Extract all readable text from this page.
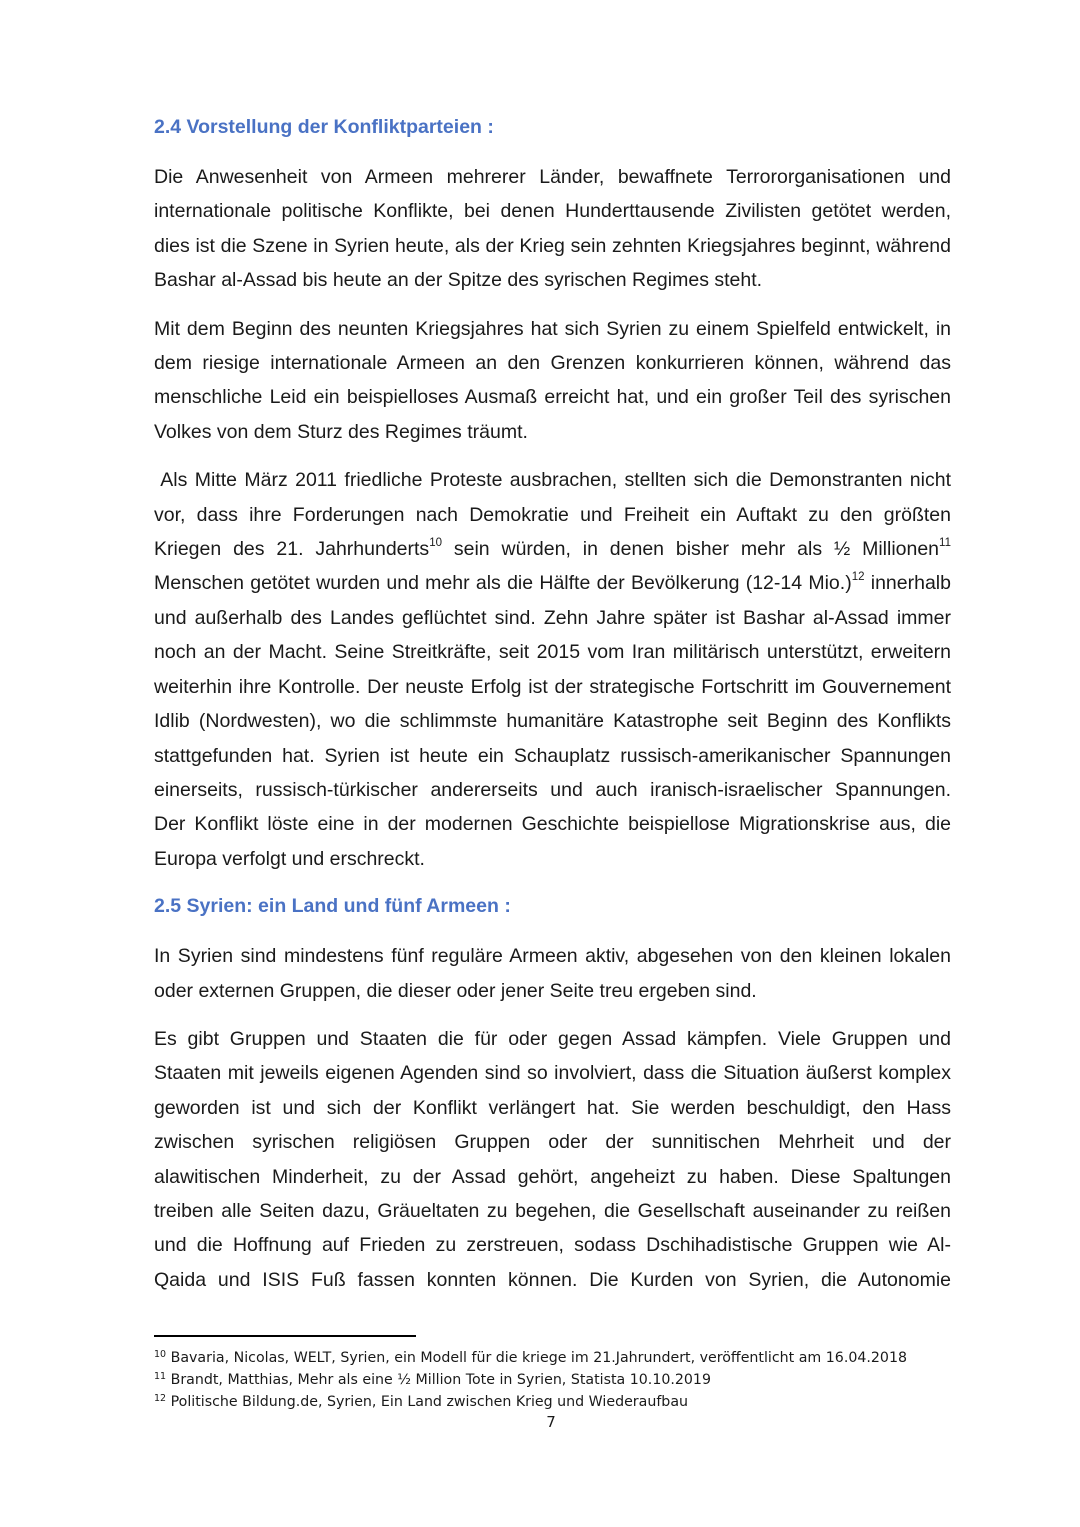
2.4 Vorstellung der Konfliktparteien :

Die Anwesenheit von Armeen mehrerer Länder, bewaffnete Terrororganisationen und
internationale politische Konflikte, bei denen Hunderttausende Zivilisten getötet werden,
dies ist die Szene in Syrien heute, als der Krieg sein zehnten Kriegsjahres beginnt, während
Bashar al-Assad bis heute an der Spitze des syrischen Regimes steht.

Mit dem Beginn des neunten Kriegsjahres hat sich Syrien zu einem Spielfeld entwickelt, in
dem riesige internationale Armeen an den Grenzen konkurrieren können, während das
menschliche Leid ein beispielloses Ausmaß erreicht hat, und ein großer Teil des syrischen
Volkes von dem Sturz des Regimes träumt.

Als Mitte März 2011 friedliche Proteste ausbrachen, stellten sich die Demonstranten nicht
vor, dass ihre Forderungen nach Demokratie und Freiheit ein Auftakt zu den größten
Kriegen des 21. Jahrhunderts$^{10}$ sein würden, in denen bisher mehr als ½ Millionen$^{11}$
Menschen getötet wurden und mehr als die Hälfte der Bevölkerung (12-14 Mio.)$^{12}$ innerhalb
und außerhalb des Landes geflüchtet sind. Zehn Jahre später ist Bashar al-Assad immer
noch an der Macht. Seine Streitkräfte, seit 2015 vom Iran militärisch unterstützt, erweitern
weiterhin ihre Kontrolle. Der neuste Erfolg ist der strategische Fortschritt im Gouvernement
Idlib (Nordwesten), wo die schlimmste humanitäre Katastrophe seit Beginn des Konflikts
stattgefunden hat. Syrien ist heute ein Schauplatz russisch-amerikanischer Spannungen
einerseits, russisch-türkischer andererseits und auch iranisch-israelischer Spannungen.
Der Konflikt löste eine in der modernen Geschichte beispiellose Migrationskrise aus, die
Europa verfolgt und erschreckt.

2.5 Syrien: ein Land und fünf Armeen :

In Syrien sind mindestens fünf reguläre Armeen aktiv, abgesehen von den kleinen lokalen
oder externen Gruppen, die dieser oder jener Seite treu ergeben sind.

Es gibt Gruppen und Staaten die für oder gegen Assad kämpfen. Viele Gruppen und
Staaten mit jeweils eigenen Agenden sind so involviert, dass die Situation äußerst komplex
geworden ist und sich der Konflikt verlängert hat. Sie werden beschuldigt, den Hass
zwischen syrischen religiösen Gruppen oder der sunnitischen Mehrheit und der
alawitischen Minderheit, zu der Assad gehört, angeheizt zu haben. Diese Spaltungen
treiben alle Seiten dazu, Gräueltaten zu begehen, die Gesellschaft auseinander zu reißen
und die Hoffnung auf Frieden zu zerstreuen, sodass Dschihadistische Gruppen wie Al-
Qaida und ISIS Fuß fassen konnten können. Die Kurden von Syrien, die Autonomie

$^{10}$ Bavaria, Nicolas, WELT, Syrien, ein Modell für die kriege im 21.Jahrundert, veröffentlicht am 16.04.2018
$^{11}$ Brandt, Matthias, Mehr als eine ½ Million Tote in Syrien, Statista 10.10.2019
$^{12}$ Politische Bildung.de, Syrien, Ein Land zwischen Krieg und Wiederaufbau
7
